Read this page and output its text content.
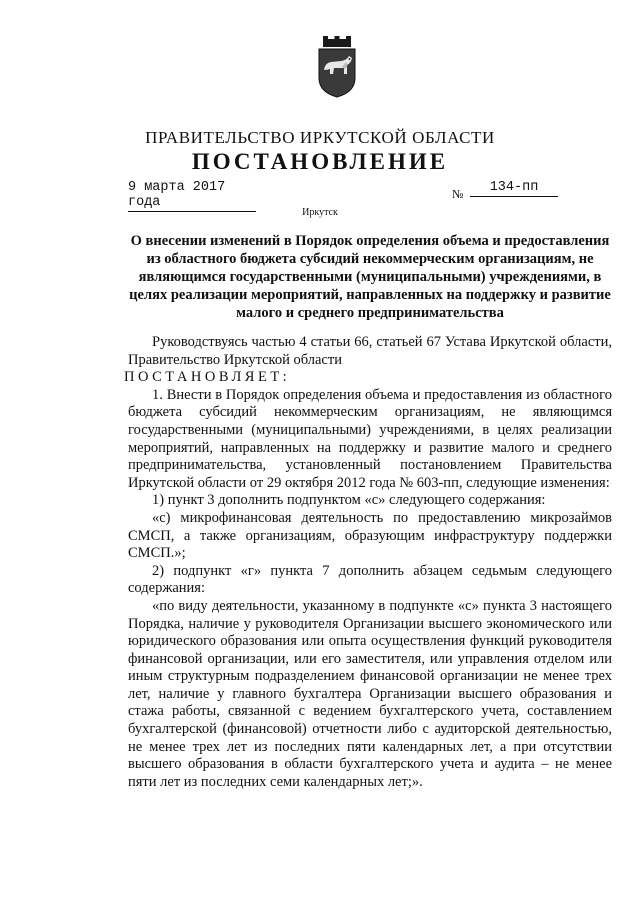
ПРАВИТЕЛЬСТВО ИРКУТСКОЙ ОБЛАСТИ
ПОСТАНОВЛЕНИЕ
9 марта 2017 года
№	134-пп
Иркутск
О внесении изменений в Порядок определения объема и предоставления из областного бюджета субсидий некоммерческим организациям, не являющимся государственными (муниципальными) учреждениями, в целях реализации мероприятий, направленных на поддержку и развитие малого и среднего предпринимательства

Руководствуясь частью 4 статьи 66, статьей 67 Устава Иркутской области, Правительство Иркутской области

ПОСТАНОВЛЯЕТ:

1. Внести в Порядок определения объема и предоставления из областного бюджета субсидий некоммерческим организациям, не являющимся государственными (муниципальными) учреждениями, в целях реализации мероприятий, направленных на поддержку и развитие малого и среднего предпринимательства, установленный постановлением Правительства Иркутской области от 29 октября 2012 года № 603-пп, следующие изменения:

1) пункт 3 дополнить подпунктом «с» следующего содержания:

«с) микрофинансовая деятельность по предоставлению микрозаймов СМСП, а также организациям, образующим инфраструктуру поддержки СМСП.»;

2) подпункт «г» пункта 7 дополнить абзацем седьмым следующего содержания:

«по виду деятельности, указанному в подпункте «с» пункта 3 настоящего Порядка, наличие у руководителя Организации высшего экономического или юридического образования или опыта осуществления функций руководителя финансовой организации, или его заместителя, или управления отделом или иным структурным подразделением финансовой организации не менее трех лет, наличие у главного бухгалтера Организации высшего образования и стажа работы, связанной с ведением бухгалтерского учета, составлением бухгалтерской (финансовой) отчетности либо с аудиторской деятельностью, не менее трех лет из последних пяти календарных лет, а при отсутствии высшего образования в области бухгалтерского учета и аудита – не менее пяти лет из последних семи календарных лет;».
